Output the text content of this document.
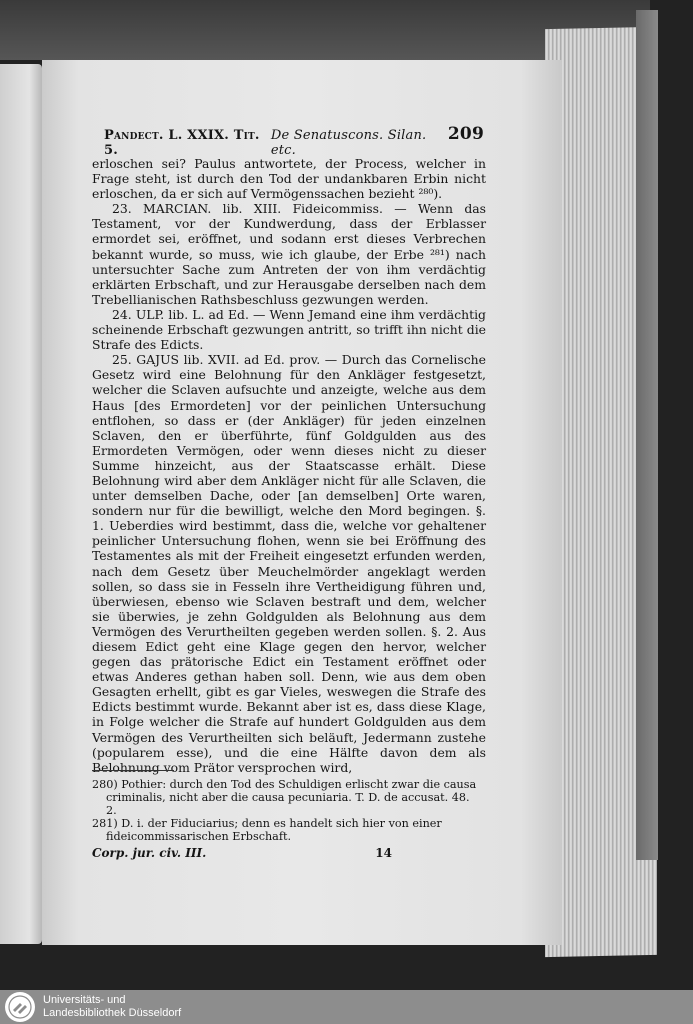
Pandect. L. XXIX. Tit. 5.
De Senatuscons. Silan. etc.
209

erloschen sei? Paulus antwortete, der Process, welcher in Frage steht, ist durch den Tod der undankbaren Erbin nicht erloschen, da er sich auf Vermögenssachen bezieht ²⁸⁰).

23. MARCIAN. lib. XIII. Fideicommiss. — Wenn das Testament, vor der Kundwerdung, dass der Erblasser ermordet sei, eröffnet, und sodann erst dieses Verbrechen bekannt wurde, so muss, wie ich glaube, der Erbe ²⁸¹) nach untersuchter Sache zum Antreten der von ihm verdächtig erklärten Erbschaft, und zur Herausgabe derselben nach dem Trebellianischen Rathsbeschluss gezwungen werden.

24. ULP. lib. L. ad Ed. — Wenn Jemand eine ihm verdächtig scheinende Erbschaft gezwungen antritt, so trifft ihn nicht die Strafe des Edicts.

25. GAJUS lib. XVII. ad Ed. prov. — Durch das Cornelische Gesetz wird eine Belohnung für den Ankläger festgesetzt, welcher die Sclaven aufsuchte und anzeigte, welche aus dem Haus [des Ermordeten] vor der peinlichen Untersuchung entflohen, so dass er (der Ankläger) für jeden einzelnen Sclaven, den er überführte, fünf Goldgulden aus des Ermordeten Vermögen, oder wenn dieses nicht zu dieser Summe hinzeicht, aus der Staatscasse erhält. Diese Belohnung wird aber dem Ankläger nicht für alle Sclaven, die unter demselben Dache, oder [an demselben] Orte waren, sondern nur für die bewilligt, welche den Mord begingen. §. 1. Ueberdies wird bestimmt, dass die, welche vor gehaltener peinlicher Untersuchung flohen, wenn sie bei Eröffnung des Testamentes als mit der Freiheit eingesetzt erfunden werden, nach dem Gesetz über Meuchelmörder angeklagt werden sollen, so dass sie in Fesseln ihre Vertheidigung führen und, überwiesen, ebenso wie Sclaven bestraft und dem, welcher sie überwies, je zehn Goldgulden als Belohnung aus dem Vermögen des Verurtheilten gegeben werden sollen. §. 2. Aus diesem Edict geht eine Klage gegen den hervor, welcher gegen das prätorische Edict ein Testament eröffnet oder etwas Anderes gethan haben soll. Denn, wie aus dem oben Gesagten erhellt, gibt es gar Vieles, weswegen die Strafe des Edicts bestimmt wurde. Bekannt aber ist es, dass diese Klage, in Folge welcher die Strafe auf hundert Goldgulden aus dem Vermögen des Verurtheilten sich beläuft, Jedermann zustehe (popularem esse), und die eine Hälfte davon dem als Belohnung vom Prätor versprochen wird,

280) Pothier: durch den Tod des Schuldigen erlischt zwar die causa criminalis, nicht aber die causa pecuniaria. T. D. de accusat. 48. 2.

281) D. i. der Fiduciarius; denn es handelt sich hier von einer fideicommissarischen Erbschaft.

Corp. jur. civ. III.	14
Universitäts- und
Landesbibliothek Düsseldorf
